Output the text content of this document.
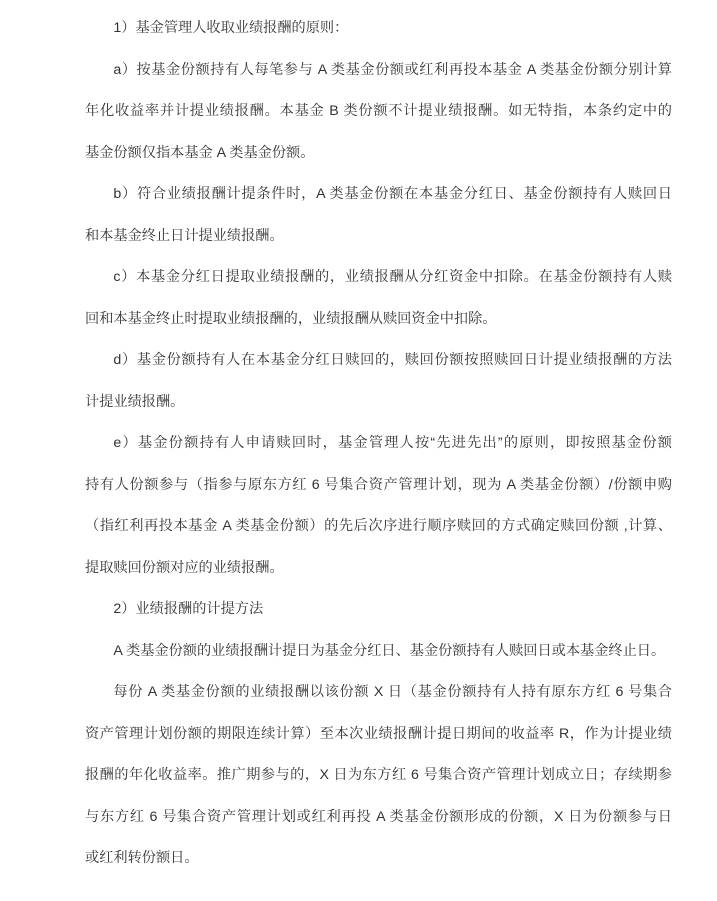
1）基金管理人收取业绩报酬的原则：

a）按基金份额持有人每笔参与 A 类基金份额或红利再投本基金 A 类基金份额分别计算
年化收益率并计提业绩报酬。本基金 B 类份额不计提业绩报酬。如无特指，本条约定中的
基金份额仅指本基金 A 类基金份额。

b）符合业绩报酬计提条件时，A 类基金份额在本基金分红日、基金份额持有人赎回日
和本基金终止日计提业绩报酬。

c）本基金分红日提取业绩报酬的，业绩报酬从分红资金中扣除。在基金份额持有人赎
回和本基金终止时提取业绩报酬的，业绩报酬从赎回资金中扣除。

d）基金份额持有人在本基金分红日赎回的，赎回份额按照赎回日计提业绩报酬的方法
计提业绩报酬。

e）基金份额持有人申请赎回时，基金管理人按“先进先出”的原则，即按照基金份额
持有人份额参与（指参与原东方红 6 号集合资产管理计划，现为 A 类基金份额）/份额申购
（指红利再投本基金 A 类基金份额）的先后次序进行顺序赎回的方式确定赎回份额 ,计算、
提取赎回份额对应的业绩报酬。

2）业绩报酬的计提方法

A 类基金份额的业绩报酬计提日为基金分红日、基金份额持有人赎回日或本基金终止日。

每份 A 类基金份额的业绩报酬以该份额 X 日（基金份额持有人持有原东方红 6 号集合
资产管理计划份额的期限连续计算）至本次业绩报酬计提日期间的收益率 R，作为计提业绩
报酬的年化收益率。推广期参与的，X 日为东方红 6 号集合资产管理计划成立日；存续期参
与东方红 6 号集合资产管理计划或红利再投 A 类基金份额形成的份额，X 日为份额参与日
或红利转份额日。
